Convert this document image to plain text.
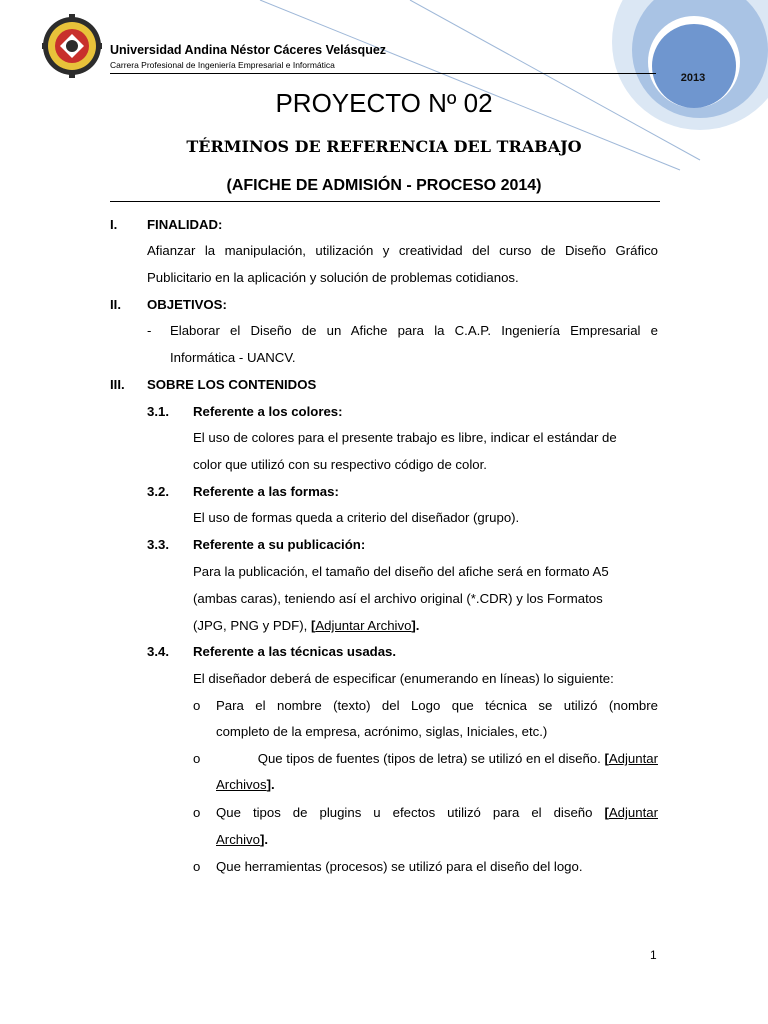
Universidad Andina Néstor Cáceres Velásquez
Carrera Profesional de Ingeniería Empresarial e Informática
2013
PROYECTO Nº 02
TÉRMINOS DE REFERENCIA DEL TRABAJO
(AFICHE DE ADMISIÓN - PROCESO 2014)
I. FINALIDAD:
Afianzar la manipulación, utilización y creatividad del curso de Diseño Gráfico
Publicitario en la aplicación y solución de problemas cotidianos.
II. OBJETIVOS:
- Elaborar el Diseño de un Afiche para la C.A.P. Ingeniería Empresarial e
Informática - UANCV.
III. SOBRE LOS CONTENIDOS
3.1. Referente a los colores:
El uso de colores para el presente trabajo es libre, indicar el estándar de
color que utilizó con su respectivo código de color.
3.2. Referente a las formas:
El uso de formas queda a criterio del diseñador (grupo).
3.3. Referente a su publicación:
Para la publicación, el tamaño del diseño del afiche será en formato A5
(ambas caras), teniendo así el archivo original (*.CDR) y los Formatos
(JPG, PNG y PDF), [Adjuntar Archivo].
3.4. Referente a las técnicas usadas.
El diseñador deberá de especificar (enumerando en líneas) lo siguiente:
o Para el nombre (texto) del Logo que técnica se utilizó (nombre
completo de la empresa, acrónimo, siglas, Iniciales, etc.)
o	Que tipos de fuentes (tipos de letra) se utilizó en el diseño. [Adjuntar
Archivos].
o Que tipos de plugins u efectos utilizó para el diseño [Adjuntar
Archivo].
o Que herramientas (procesos) se utilizó para el diseño del logo.
1
